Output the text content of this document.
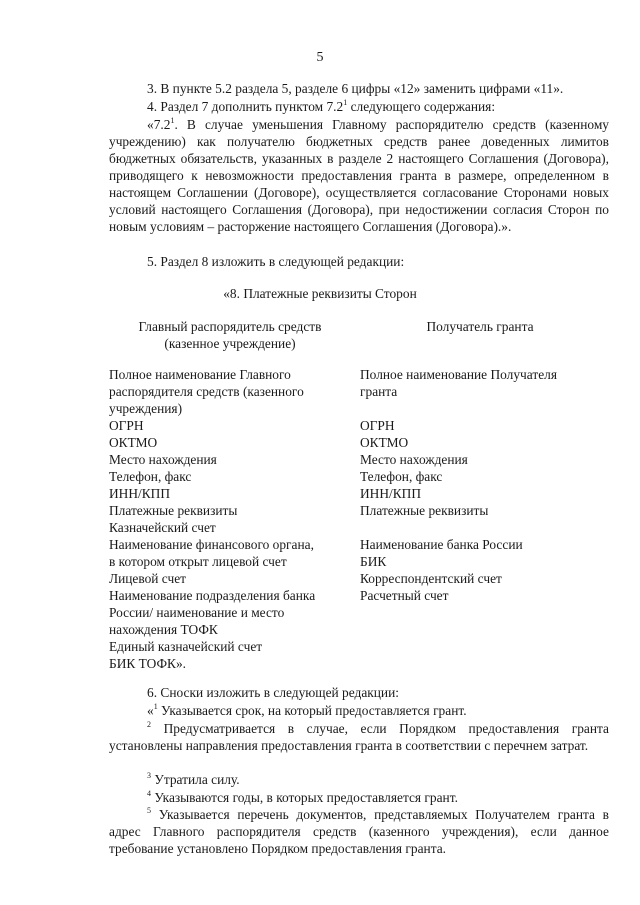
5
3. В пункте 5.2 раздела 5, разделе 6 цифры «12» заменить цифрами «11».
4. Раздел 7 дополнить пунктом $7.2^1$ следующего содержания:
«$7.2^1$. В случае уменьшения Главному распорядителю средств (казенному учреждению) как получателю бюджетных средств ранее доведенных лимитов бюджетных обязательств, указанных в разделе 2 настоящего Соглашения (Договора), приводящего к невозможности предоставления гранта в размере, определенном в настоящем Соглашении (Договоре), осуществляется согласование Сторонами новых условий настоящего Соглашения (Договора), при недостижении согласия Сторон по новым условиям – расторжение настоящего Соглашения (Договора).».
5. Раздел 8 изложить в следующей редакции:
«8. Платежные реквизиты Сторон
Главный распорядитель средств
(казенное учреждение)
Получатель гранта
Полное наименование Главного
распорядителя средств (казенного
учреждения)
ОГРН
ОКТМО
Место нахождения
Телефон, факс
ИНН/КПП
Платежные реквизиты
Казначейский счет
Наименование финансового органа,
в котором открыт лицевой счет
Лицевой счет
Наименование подразделения банка
России/ наименование и место
нахождения ТОФК
Единый казначейский счет
БИК ТОФК».
Полное наименование Получателя
гранта

ОГРН
ОКТМО
Место нахождения
Телефон, факс
ИНН/КПП
Платежные реквизиты

Наименование банка России
БИК
Корреспондентский счет
Расчетный счет
6. Сноски изложить в следующей редакции:
«$^1$ Указывается срок, на который предоставляется грант.
$^2$ Предусматривается в случае, если Порядком предоставления гранта установлены направления предоставления гранта в соответствии с перечнем затрат.
$^3$ Утратила силу.
$^4$ Указываются годы, в которых предоставляется грант.
$^5$ Указывается перечень документов, представляемых Получателем гранта в адрес Главного распорядителя средств (казенного учреждения), если данное требование установлено Порядком предоставления гранта.
